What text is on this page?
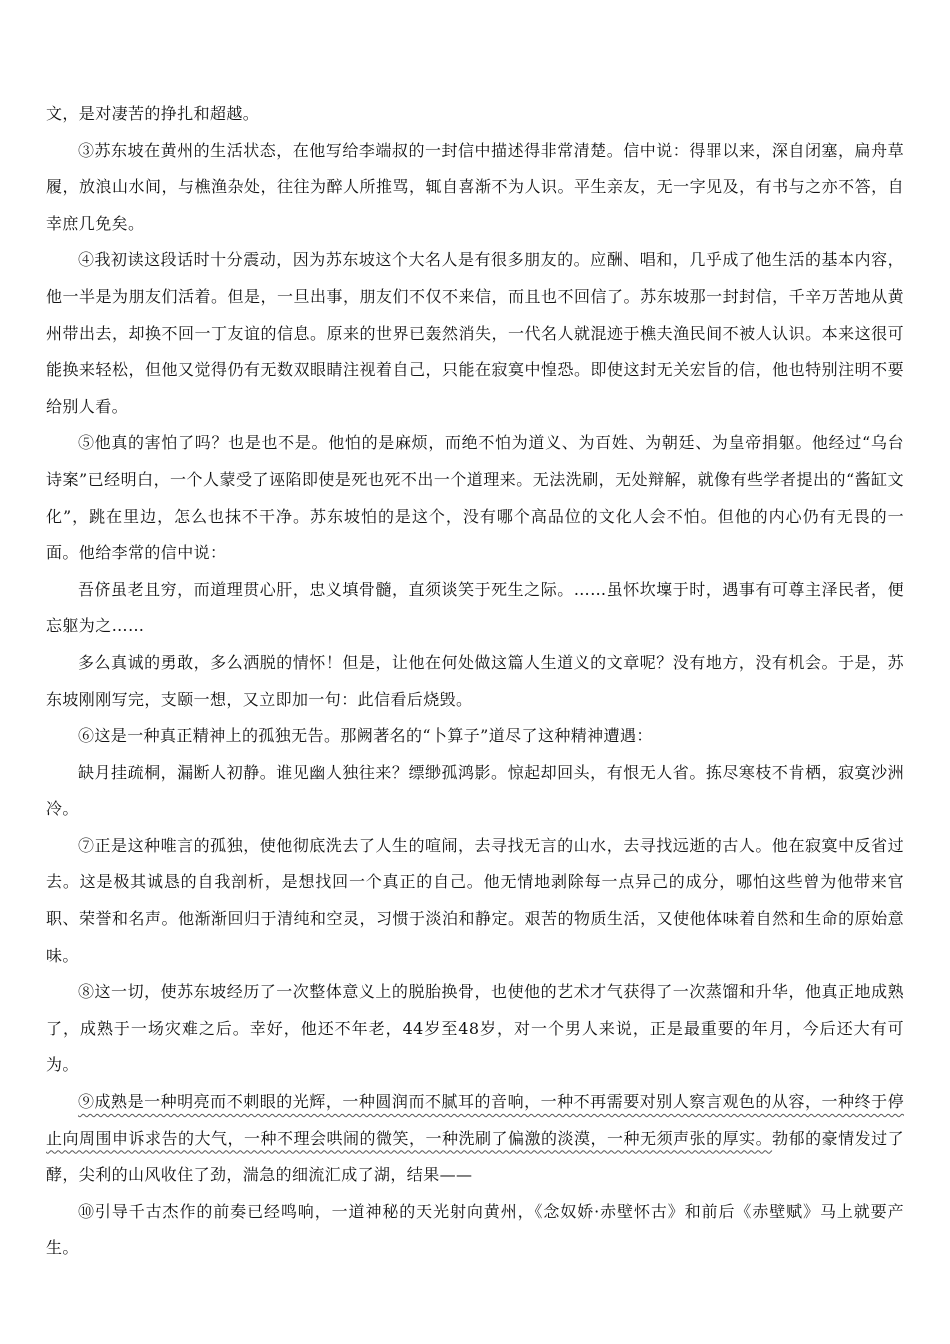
文，是对凄苦的挣扎和超越。

③苏东坡在黄州的生活状态，在他写给李端叔的一封信中描述得非常清楚。信中说：得罪以来，深自闭塞，扁舟草履，放浪山水间，与樵渔杂处，往往为醉人所推骂，辄自喜渐不为人识。平生亲友，无一字见及，有书与之亦不答，自幸庶几免矣。

④我初读这段话时十分震动，因为苏东坡这个大名人是有很多朋友的。应酬、唱和，几乎成了他生活的基本内容，他一半是为朋友们活着。但是，一旦出事，朋友们不仅不来信，而且也不回信了。苏东坡那一封封信，千辛万苦地从黄州带出去，却换不回一丁友谊的信息。原来的世界已轰然消失，一代名人就混迹于樵夫渔民间不被人认识。本来这很可能换来轻松，但他又觉得仍有无数双眼睛注视着自己，只能在寂寞中惶恐。即使这封无关宏旨的信，他也特别注明不要给别人看。

⑤他真的害怕了吗？也是也不是。他怕的是麻烦，而绝不怕为道义、为百姓、为朝廷、为皇帝捐躯。他经过“乌台诗案”已经明白，一个人蒙受了诬陷即使是死也死不出一个道理来。无法洗刷，无处辩解，就像有些学者提出的“酱缸文化”，跳在里边，怎么也抹不干净。苏东坡怕的是这个，没有哪个高品位的文化人会不怕。但他的内心仍有无畏的一面。他给李常的信中说：

吾侪虽老且穷，而道理贯心肝，忠义填骨髓，直须谈笑于死生之际。……虽怀坎壈于时，遇事有可尊主泽民者，便忘躯为之……

多么真诚的勇敢，多么洒脱的情怀！但是，让他在何处做这篇人生道义的文章呢？没有地方，没有机会。于是，苏东坡刚刚写完，支颐一想，又立即加一句：此信看后烧毁。

⑥这是一种真正精神上的孤独无告。那阙著名的“卜算子”道尽了这种精神遭遇：

缺月挂疏桐，漏断人初静。谁见幽人独往来？缥缈孤鸿影。惊起却回头，有恨无人省。拣尽寒枝不肯栖，寂寞沙洲冷。

⑦正是这种唯言的孤独，使他彻底洗去了人生的喧闹，去寻找无言的山水，去寻找远逝的古人。他在寂寞中反省过去。这是极其诚恳的自我剖析，是想找回一个真正的自己。他无情地剥除每一点异己的成分，哪怕这些曾为他带来官职、荣誉和名声。他渐渐回归于清纯和空灵，习惯于淡泊和静定。艰苦的物质生活，又使他体味着自然和生命的原始意味。

⑧这一切，使苏东坡经历了一次整体意义上的脱胎换骨，也使他的艺术才气获得了一次蒸馏和升华，他真正地成熟了，成熟于一场灾难之后。幸好，他还不年老，44岁至48岁，对一个男人来说，正是最重要的年月，今后还大有可为。

⑨成熟是一种明亮而不刺眼的光辉，一种圆润而不腻耳的音响，一种不再需要对别人察言观色的从容，一种终于停止向周围申诉求告的大气，一种不理会哄闹的微笑，一种洗刷了偏激的淡漠，一种无须声张的厚实。勃郁的豪情发过了酵，尖利的山风收住了劲，湍急的细流汇成了湖，结果——

⑩引导千古杰作的前奏已经鸣响，一道神秘的天光射向黄州，《念奴娇·赤壁怀古》和前后《赤壁赋》马上就要产生。
